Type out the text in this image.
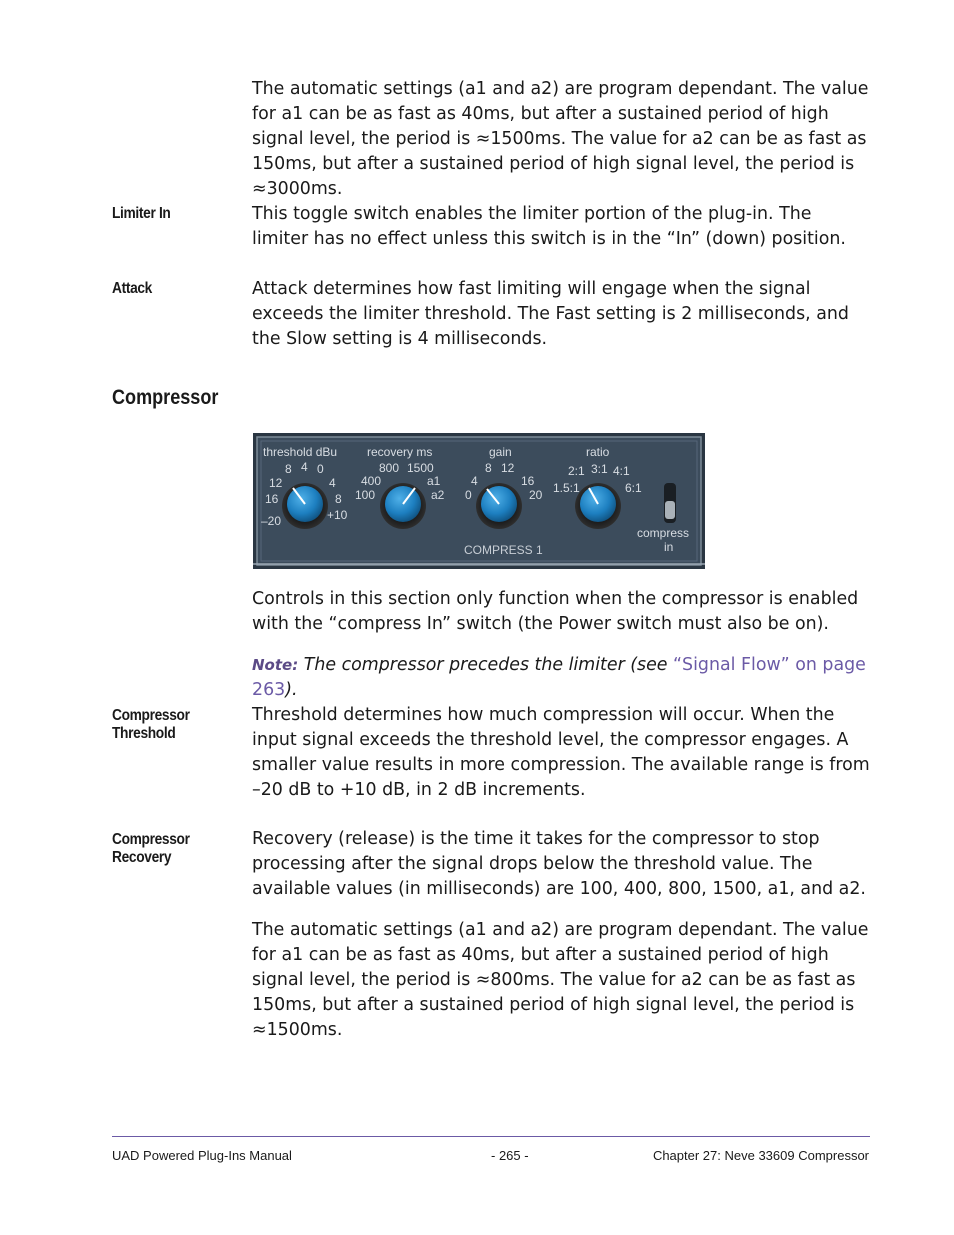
The automatic settings (a1 and a2) are program dependant. The value for a1 can be as fast as 40ms, but after a sustained period of high signal level, the period is ≈1500ms. The value for a2 can be as fast as 150ms, but after a sustained period of high signal level, the period is ≈3000ms.

Limiter In	This toggle switch enables the limiter portion of the plug-in. The limiter has no effect unless this switch is in the “In” (down) position.

Attack	Attack determines how fast limiting will engage when the signal exceeds the limiter threshold. The Fast setting is 2 milliseconds, and the Slow setting is 4 milliseconds.

Compressor
threshold dBu
12
8 4 0
4
16	8
–20	+10
recovery ms
800 1500
400	a1
100	a2
gain
8 12
4	16
0	20
ratio
2:1 3:1 4:1
1.5:1	6:1
compress
in
COMPRESS 1

Controls in this section only function when the compressor is enabled with the “compress In” switch (the Power switch must also be on).

Note: The compressor precedes the limiter (see “Signal Flow” on page 263).

Compressor
Threshold

Threshold determines how much compression will occur. When the input signal exceeds the threshold level, the compressor engages. A smaller value results in more compression. The available range is from –20 dB to +10 dB, in 2 dB increments.

Compressor
Recovery

Recovery (release) is the time it takes for the compressor to stop processing after the signal drops below the threshold value. The available values (in milliseconds) are 100, 400, 800, 1500, a1, and a2.

The automatic settings (a1 and a2) are program dependant. The value for a1 can be as fast as 40ms, but after a sustained period of high signal level, the period is ≈800ms. The value for a2 can be as fast as 150ms, but after a sustained period of high signal level, the period is ≈1500ms.

UAD Powered Plug-Ins Manual	- 265 -	Chapter 27: Neve 33609 Compressor
